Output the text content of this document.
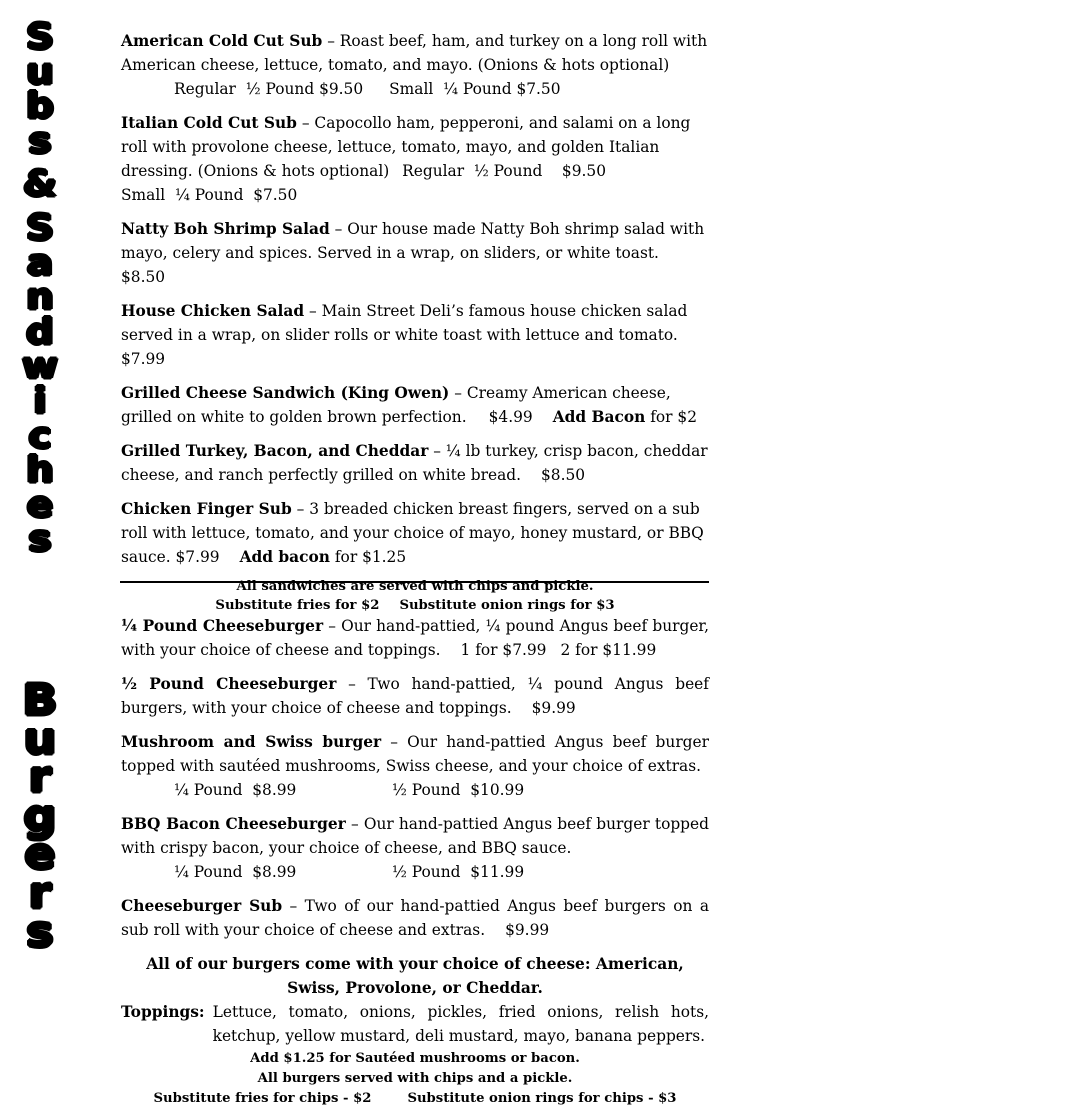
S
u
b
s
&
S
a
n
d
w
i
c
h
e
s
B
u
r
g
e
r
s
American Cold Cut Sub – Roast beef, ham, and turkey on a long roll with American cheese, lettuce, tomato, and mayo. (Onions & hots optional)
Regular  ½ Pound $9.50 Small  ¼ Pound $7.50
Italian Cold Cut Sub – Capocollo ham, pepperoni, and salami on a long roll with provolone cheese, lettuce, tomato, mayo, and golden Italian dressing. (Onions & hots optional) Regular  ½ Pound    $9.50Small  ¼ Pound  $7.50
Natty Boh Shrimp Salad – Our house made Natty Boh shrimp salad with mayo, celery and spices. Served in a wrap, on sliders, or white toast.$8.50
House Chicken Salad – Main Street Deli’s famous house chicken salad served in a wrap, on slider rolls or white toast with lettuce and tomato.$7.99
Grilled Cheese Sandwich (King Owen) – Creamy American cheese, grilled on white to golden brown perfection. $4.99 Add Bacon for $2
Grilled Turkey, Bacon, and Cheddar – ¼ lb turkey, crisp bacon, cheddar cheese, and ranch perfectly grilled on white bread. $8.50
Chicken Finger Sub – 3 breaded chicken breast fingers, served on a sub roll with lettuce, tomato, and your choice of mayo, honey mustard, or BBQ sauce. $7.99 Add bacon for $1.25
All sandwiches are served with chips and pickle.
Substitute fries for $2 Substitute onion rings for $3
¼ Pound Cheeseburger – Our hand-pattied, ¼ pound Angus beef burger, with your choice of cheese and toppings. 1 for $7.99 2 for $11.99
½ Pound Cheeseburger – Two hand-pattied, ¼ pound Angus beef burgers, with your choice of cheese and toppings. $9.99
Mushroom and Swiss burger – Our hand-pattied Angus beef burger topped with sautéed mushrooms, Swiss cheese, and your choice of extras.
¼ Pound  $8.99	½ Pound  $10.99
BBQ Bacon Cheeseburger – Our hand-pattied Angus beef burger topped with crispy bacon, your choice of cheese, and BBQ sauce.
¼ Pound  $8.99	½ Pound  $11.99
Cheeseburger Sub – Two of our hand-pattied Angus beef burgers on a sub roll with your choice of cheese and extras. $9.99
All of our burgers come with your choice of cheese: American, Swiss, Provolone, or Cheddar.
Toppings: Lettuce, tomato, onions, pickles, fried onions, relish hots, ketchup, yellow mustard, deli mustard, mayo, banana peppers.
Add $1.25 for Sautéed mushrooms or bacon.
All burgers served with chips and a pickle.
Substitute fries for chips - $2	Substitute onion rings for chips - $3
